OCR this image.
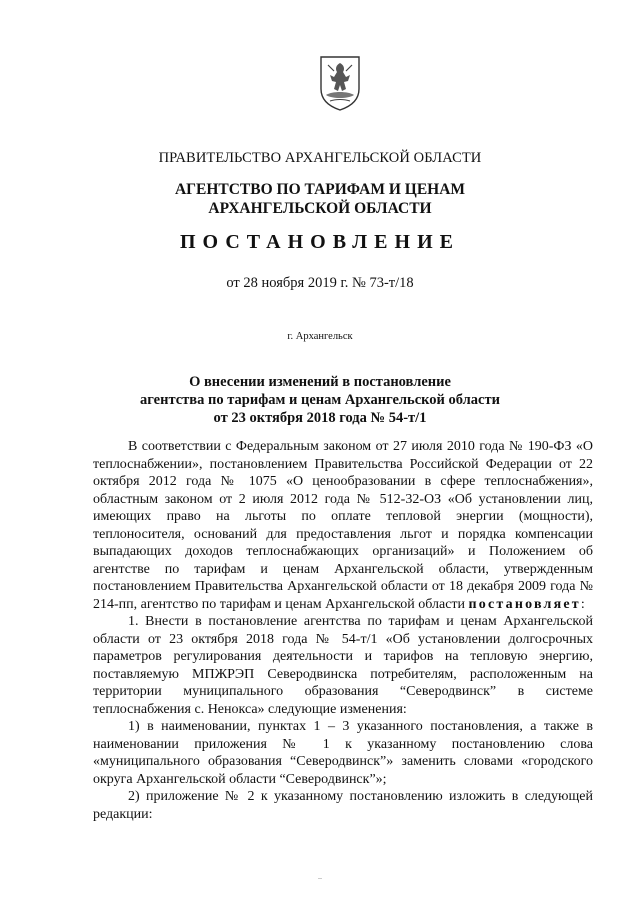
ПРАВИТЕЛЬСТВО АРХАНГЕЛЬСКОЙ ОБЛАСТИ
АГЕНТСТВО ПО ТАРИФАМ И ЦЕНАМ
АРХАНГЕЛЬСКОЙ ОБЛАСТИ
ПОСТАНОВЛЕНИЕ
от 28 ноября 2019 г. № 73-т/18
г. Архангельск
О внесении изменений в постановление
агентства по тарифам и ценам Архангельской области
от 23 октября 2018 года № 54-т/1

В соответствии с Федеральным законом от 27 июля 2010 года № 190-ФЗ «О теплоснабжении», постановлением Правительства Российской Федерации от 22 октября 2012 года № 1075 «О ценообразовании в сфере теплоснабжения», областным законом от 2 июля 2012 года № 512-32-ОЗ «Об установлении лиц, имеющих право на льготы по оплате тепловой энергии (мощности), теплоносителя, оснований для предоставления льгот и порядка компенсации выпадающих доходов теплоснабжающих организаций» и Положением об агентстве по тарифам и ценам Архангельской области, утвержденным постановлением Правительства Архангельской области от 18 декабря 2009 года № 214-пп, агентство по тарифам и ценам Архангельской области постановляет:

1. Внести в постановление агентства по тарифам и ценам Архангельской области от 23 октября 2018 года № 54-т/1 «Об установлении долгосрочных параметров регулирования деятельности и тарифов на тепловую энергию, поставляемую МПЖРЭП Северодвинска потребителям, расположенным на территории муниципального образования “Северодвинск” в системе теплоснабжения с. Ненокса» следующие изменения:

1) в наименовании, пунктах 1 – 3 указанного постановления, а также в наименовании приложения № 1 к указанному постановлению слова «муниципального образования “Северодвинск”» заменить словами «городского округа Архангельской области “Северодвинск”»;

2) приложение № 2 к указанному постановлению изложить в следующей редакции:
